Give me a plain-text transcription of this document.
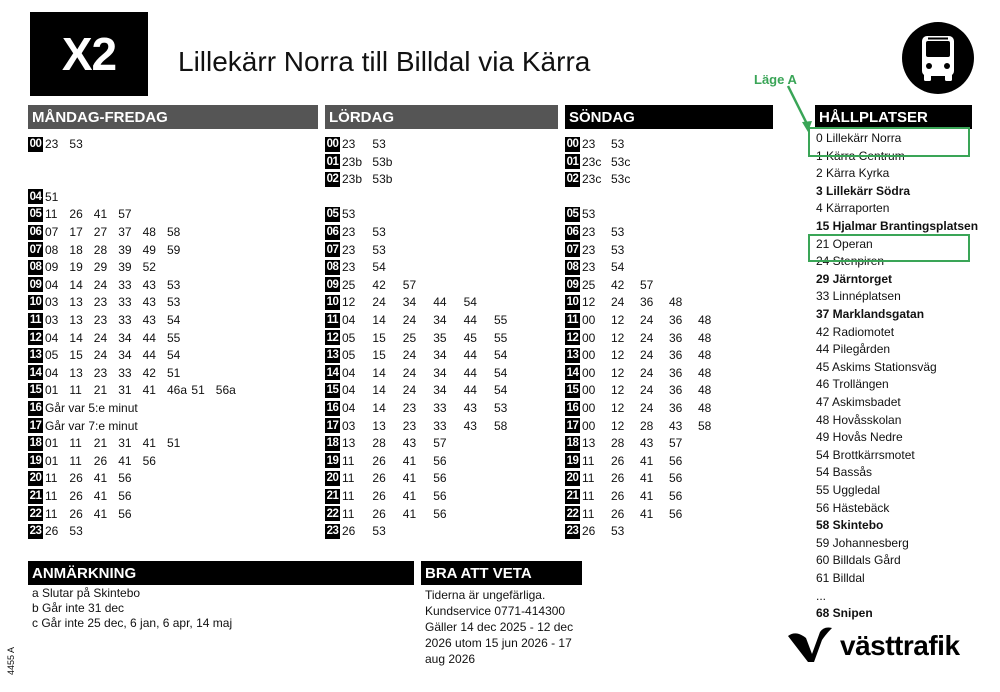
X2	Lillekärr Norra till Billdal via Kärra
MÅNDAG-FREDAG	LÖRDAG	SÖNDAG	HÅLLPLATSER
00 23 53
04 51
05 11 26 41 57
06 07 17 27 37 48 58
07 08 18 28 39 49 59
08 09 19 29 39 52
09 04 14 24 33 43 53
10 03 13 23 33 43 53
11 03 13 23 33 43 54
12 04 14 24 34 44 55
13 05 15 24 34 44 54
14 04 13 23 33 42 51
15 01 11 21 31 41 46a 51 56a
16 Går var 5:e minut
17 Går var 7:e minut
18 01 11 21 31 41 51
19 01 11 26 41 56
20 11 26 41 56
21 11 26 41 56
22 11 26 41 56
23 26 53
00 23 53
01 23b 53b
02 23b 53b
05 53
06 23 53
07 23 53
08 23 54
09 25 42 57
10 12 24 34 44 54
11 04 14 24 34 44 55
12 05 15 25 35 45 55
13 05 15 24 34 44 54
14 04 14 24 34 44 54
15 04 14 24 34 44 54
16 04 14 23 33 43 53
17 03 13 23 33 43 58
18 13 28 43 57
19 11 26 41 56
20 11 26 41 56
21 11 26 41 56
22 11 26 41 56
23 26 53
00 23 53
01 23c 53c
02 23c 53c
05 53
06 23 53
07 23 53
08 23 54
09 25 42 57
10 12 24 36 48
11 00 12 24 36 48
12 00 12 24 36 48
13 00 12 24 36 48
14 00 12 24 36 48
15 00 12 24 36 48
16 00 12 24 36 48
17 00 12 28 43 58
18 13 28 43 57
19 11 26 41 56
20 11 26 41 56
21 11 26 41 56
22 11 26 41 56
23 26 53
0 Lillekärr Norra
1 Kärra Centrum
2 Kärra Kyrka
3 Lillekärr Södra
4 Kärraporten
15 Hjalmar Brantingsplatsen
21 Operan
24 Stenpiren
29 Järntorget
33 Linnéplatsen
37 Marklandsgatan
42 Radiomotet
44 Pilegården
45 Askims Stationsväg
46 Trollängen
47 Askimsbadet
48 Hovåsskolan
49 Hovås Nedre
54 Brottkärrsmotet
54 Bassås
55 Uggledal
56 Hästebäck
58 Skintebo
59 Johannesberg
60 Billdals Gård
61 Billdal
...
68 Snipen
Läge A
ANMÄRKNING
a Slutar på Skintebo
b Går inte 31 dec
c Går inte 25 dec, 6 jan, 6 apr, 14 maj
BRA ATT VETA
Tiderna är ungefärliga.
Kundservice 0771-414300
Gäller 14 dec 2025 - 12 dec
2026 utom 15 jun 2026 - 17
aug 2026
4455 A	västtrafik
